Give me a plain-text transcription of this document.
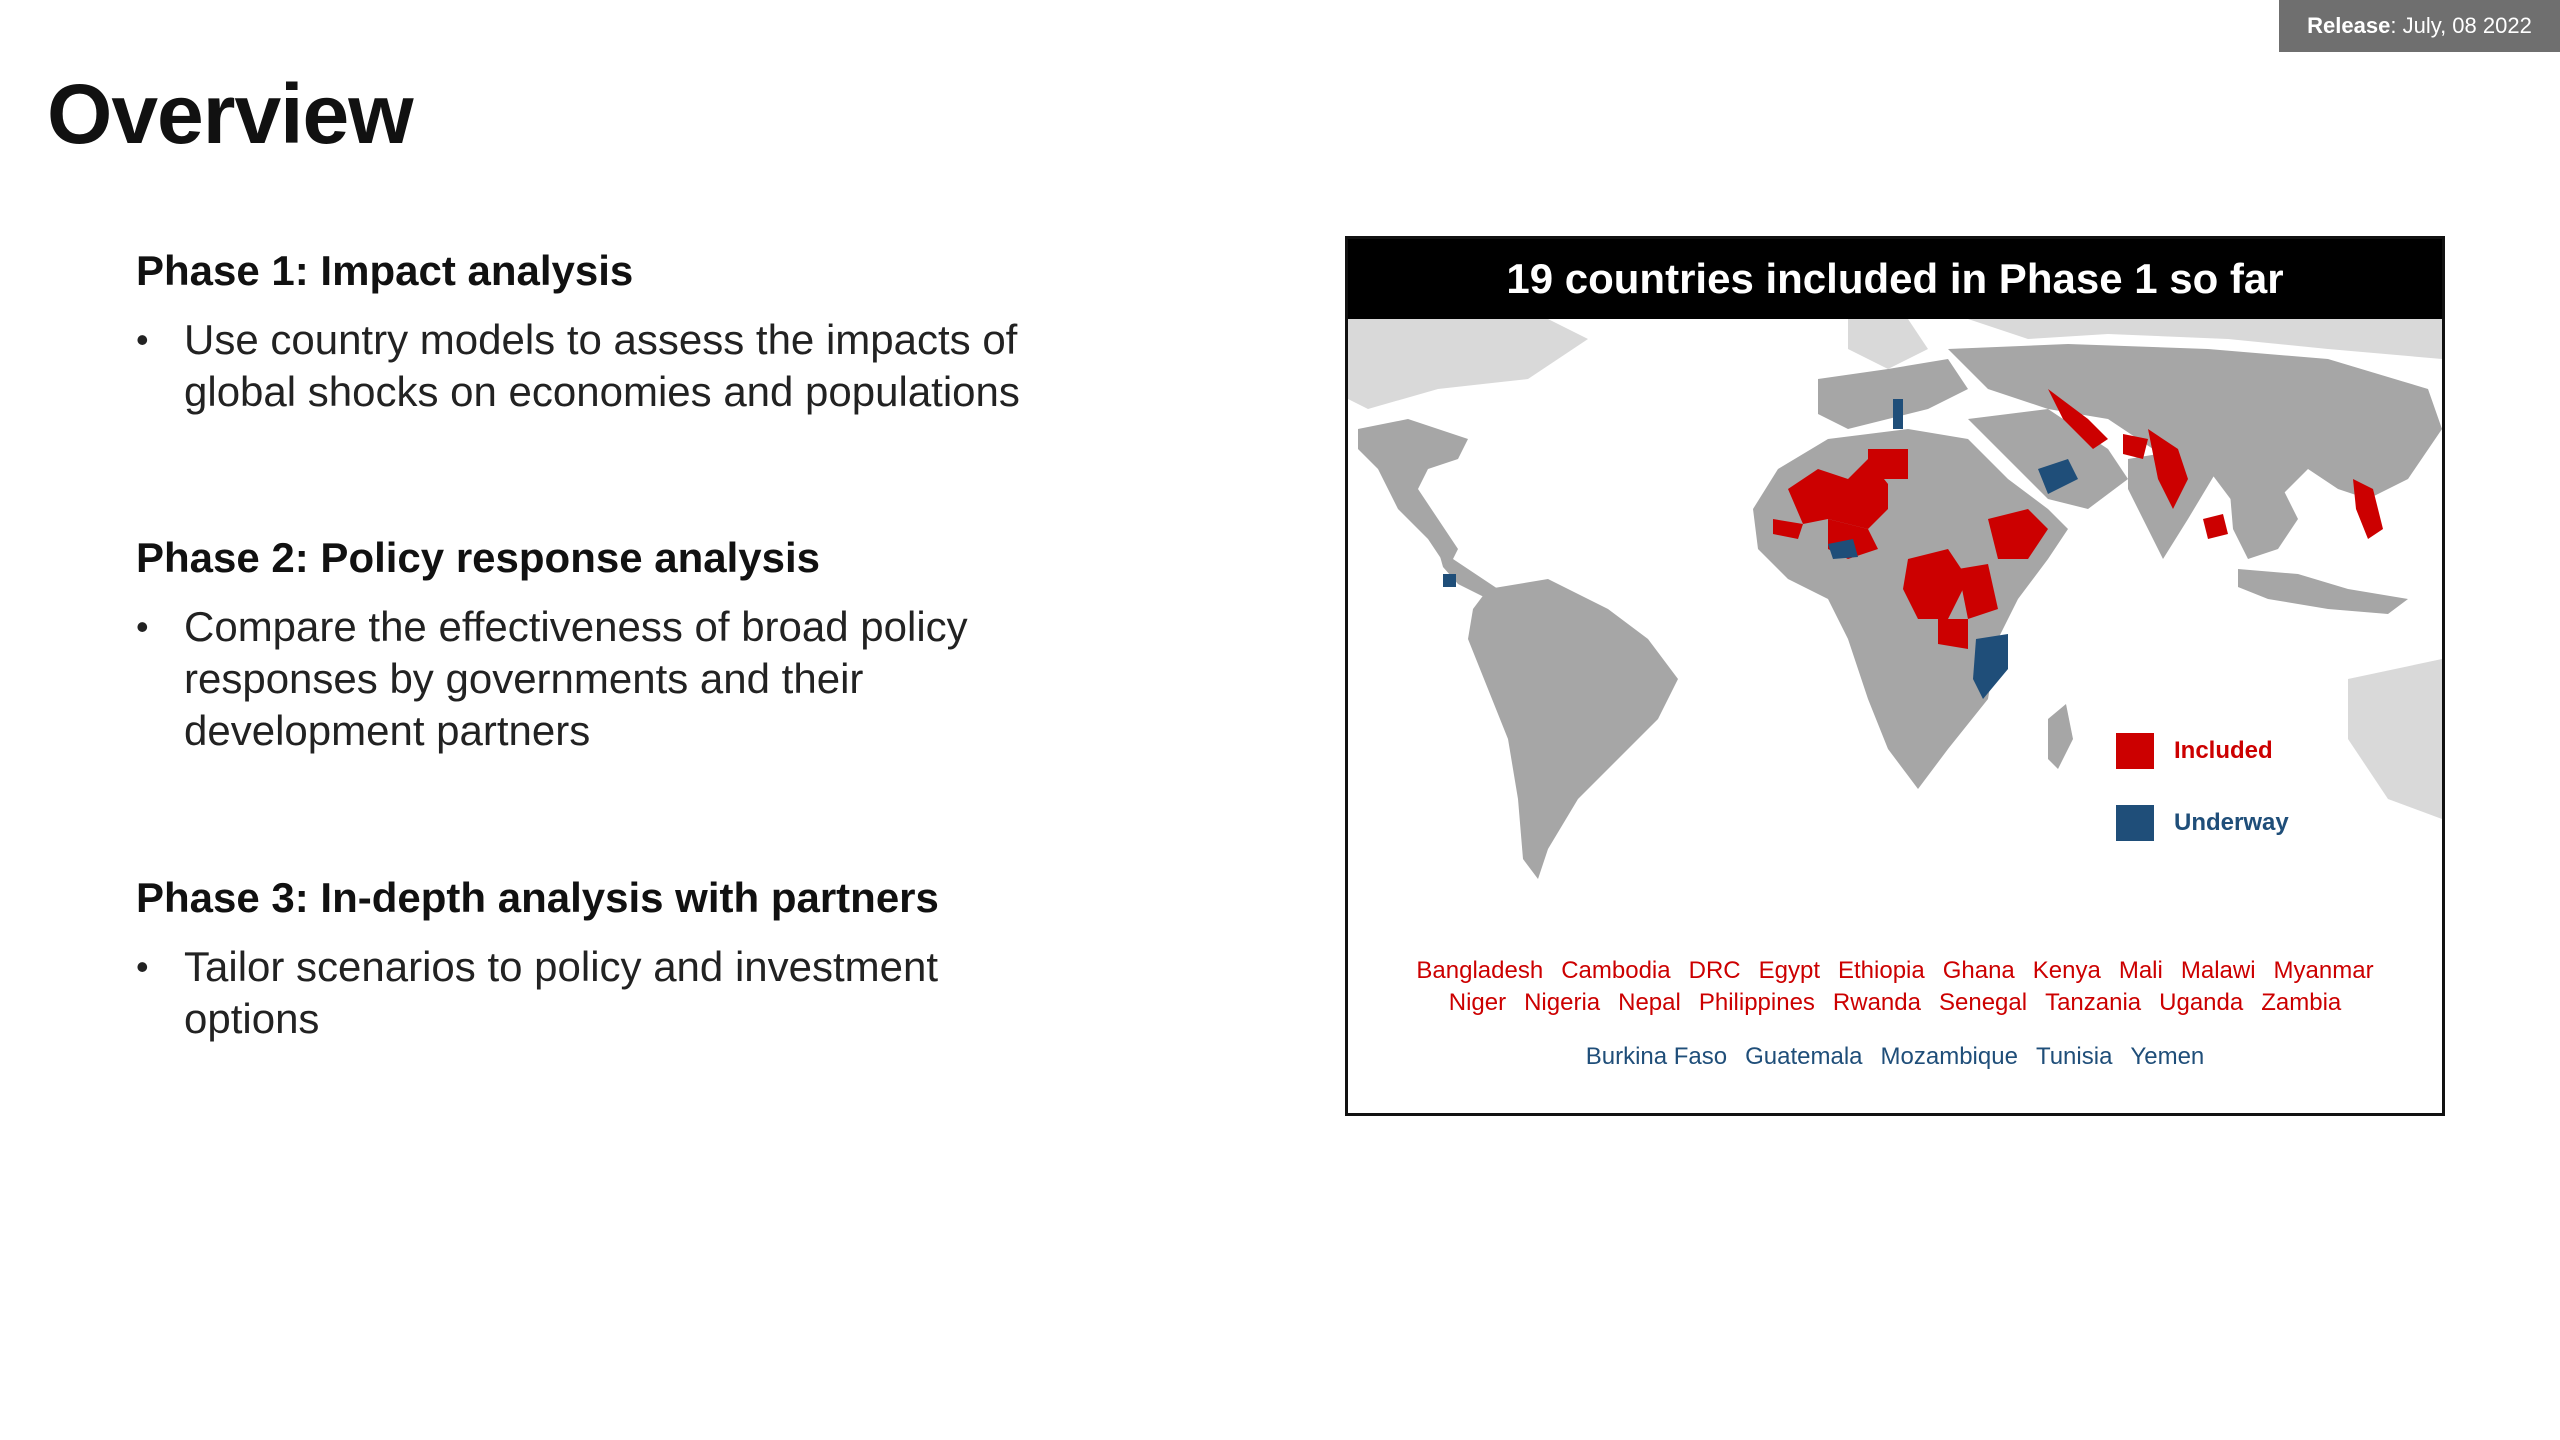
Release : July, 08 2022
Overview
Phase 1: Impact analysis
• Use country models to assess the impacts of global shocks on economies and populations
Phase 2: Policy response analysis
• Compare the effectiveness of broad policy responses by governments and their development partners
Phase 3: In-depth analysis with partners
• Tailor scenarios to policy and investment options
19 countries included in Phase 1 so far
Included
Underway
Bangladesh Cambodia DRC Egypt Ethiopia Ghana Kenya Mali Malawi Myanmar
Niger Nigeria Nepal Philippines Rwanda Senegal Tanzania Uganda Zambia
Burkina Faso Guatemala Mozambique Tunisia Yemen
